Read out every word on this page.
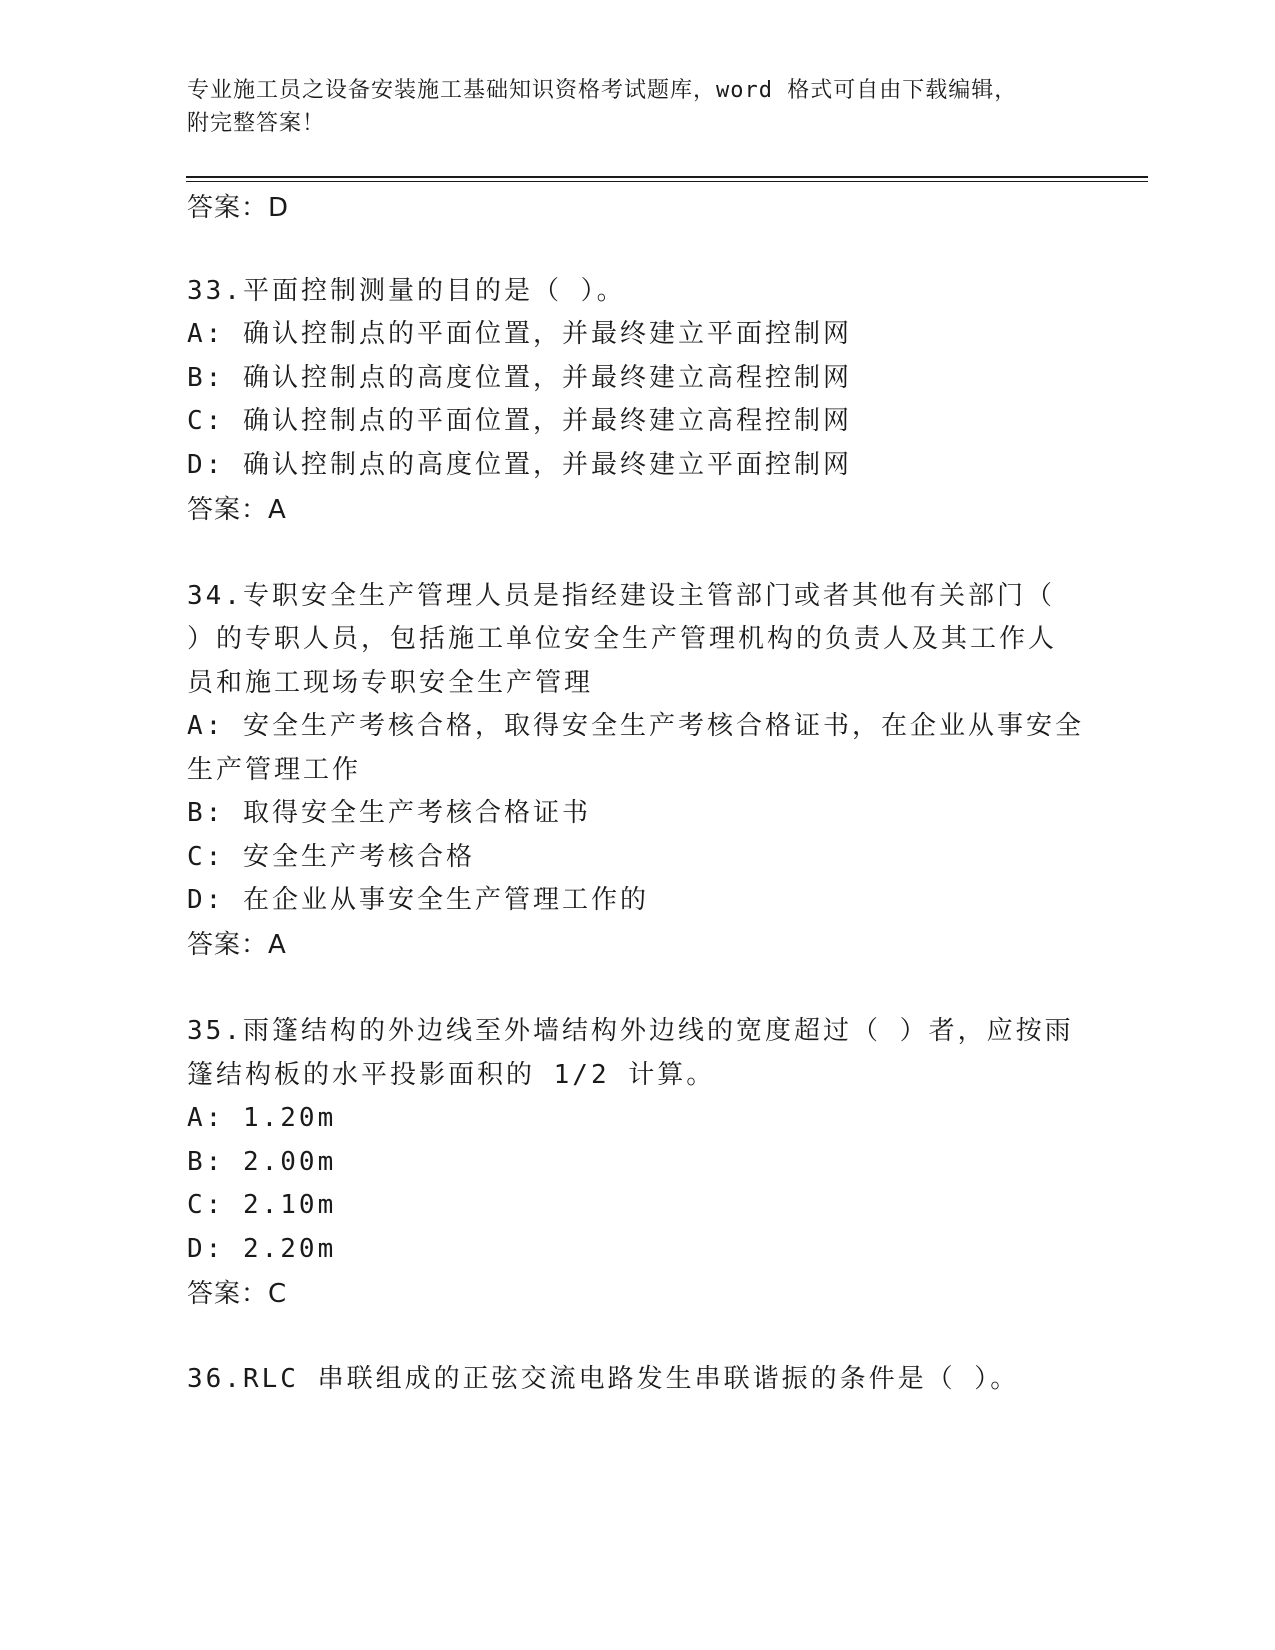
专业施工员之设备安装施工基础知识资格考试题库，word 格式可自由下载编辑，
附完整答案！
答案：D
33.平面控制测量的目的是（ ）。
A: 确认控制点的平面位置，并最终建立平面控制网
B: 确认控制点的高度位置，并最终建立高程控制网
C: 确认控制点的平面位置，并最终建立高程控制网
D: 确认控制点的高度位置，并最终建立平面控制网
答案：A
34.专职安全生产管理人员是指经建设主管部门或者其他有关部门（
）的专职人员，包括施工单位安全生产管理机构的负责人及其工作人
员和施工现场专职安全生产管理
A: 安全生产考核合格，取得安全生产考核合格证书，在企业从事安全
生产管理工作
B: 取得安全生产考核合格证书
C: 安全生产考核合格
D: 在企业从事安全生产管理工作的
答案：A
35.雨篷结构的外边线至外墙结构外边线的宽度超过（ ）者，应按雨
篷结构板的水平投影面积的 1/2 计算。
A: 1.20m
B: 2.00m
C: 2.10m
D: 2.20m
答案：C
36.RLC 串联组成的正弦交流电路发生串联谐振的条件是（ ）。
